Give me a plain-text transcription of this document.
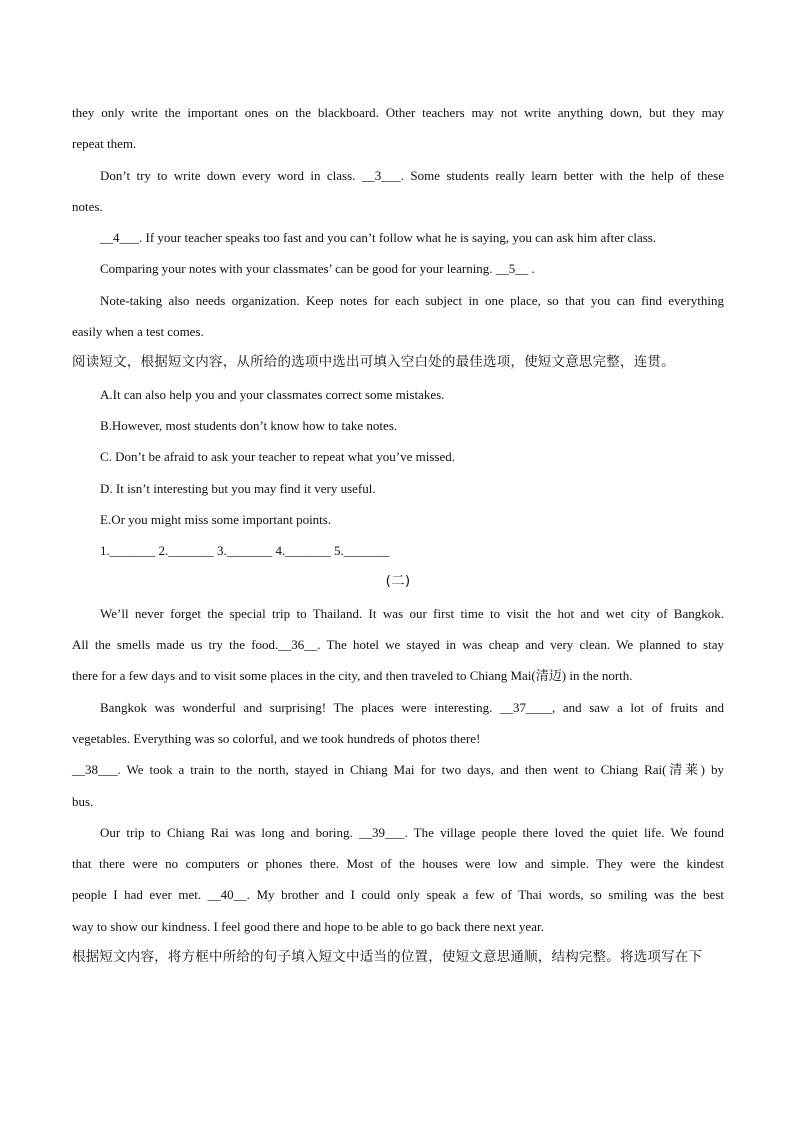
they only write the important ones on the blackboard. Other teachers may not write anything down, but they may
repeat them.
Don’t try to write down every word in class. __3___. Some students really learn better with the help of these
notes.
__4___. If your teacher speaks too fast and you can’t follow what he is saying, you can ask him after class.
Comparing your notes with your classmates’ can be good for your learning. __5__ .
Note-taking also needs organization. Keep notes for each subject in one place, so that you can find everything
easily when a test comes.
阅读短文，根据短文内容，从所给的选项中选出可填入空白处的最佳选项，使短文意思完整，连贯。
A.It can also help you and your classmates correct some mistakes.
B.However, most students don’t know how to take notes.
C. Don’t be afraid to ask your teacher to repeat what you’ve missed.
D. It isn’t interesting but you may find it very useful.
E.Or you might miss some important points.
1._______ 2._______ 3._______ 4._______ 5._______
(二)
We’ll never forget the special trip to Thailand. It was our first time to visit the hot and wet city of Bangkok.
All the smells made us try the food.__36__. The hotel we stayed in was cheap and very clean. We planned to stay
there for a few days and to visit some places in the city, and then traveled to Chiang Mai(清迈) in the north.
Bangkok was wonderful and surprising! The places were interesting. __37____, and saw a lot of fruits and
vegetables. Everything was so colorful, and we took hundreds of photos there!
__38___. We took a train to the north, stayed in Chiang Mai for two days, and then went to Chiang Rai(清莱) by
bus.
Our trip to Chiang Rai was long and boring. __39___. The village people there loved the quiet life. We found
that there were no computers or phones there. Most of the houses were low and simple. They were the kindest
people I had ever met. __40__. My brother and I could only speak a few of Thai words, so smiling was the best
way to show our kindness. I feel good there and hope to be able to go back there next year.
根据短文内容，将方框中所给的句子填入短文中适当的位置，使短文意思通顺，结构完整。将选项写在下
